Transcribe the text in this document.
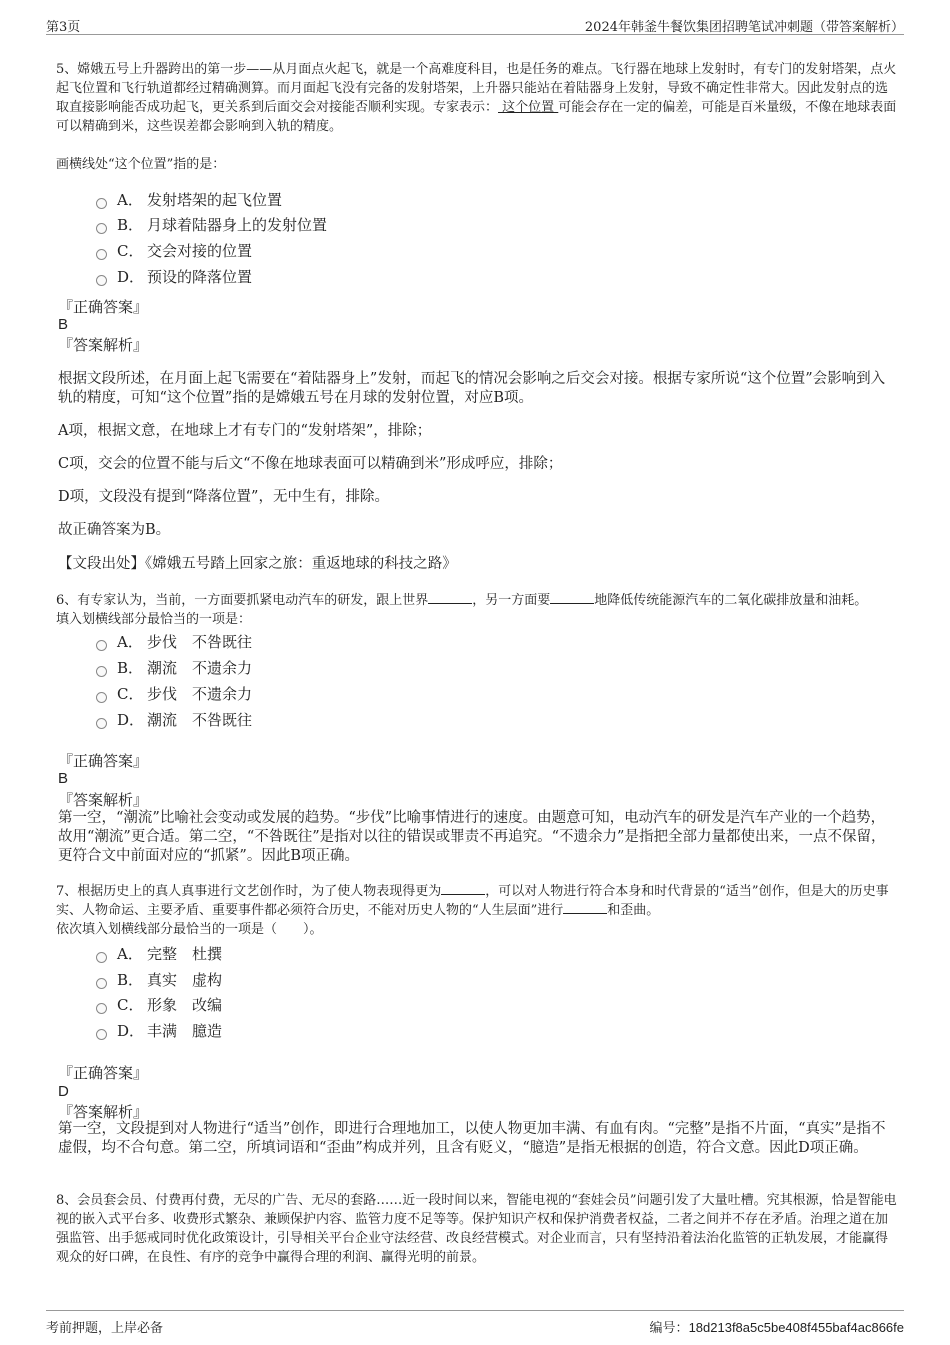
第3页	2024年韩釜牛餐饮集团招聘笔试冲刺题（带答案解析）

5、嫦娥五号上升器跨出的第一步——从月面点火起飞，就是一个高难度科目，也是任务的难点。飞行器在地球上发射时，有专门的发射塔架，点火起飞位置和飞行轨道都经过精确测算。而月面起飞没有完备的发射塔架，上升器只能站在着陆器身上发射，导致不确定性非常大。因此发射点的选取直接影响能否成功起飞，更关系到后面交会对接能否顺利实现。专家表示： 这个位置 可能会存在一定的偏差，可能是百米量级，不像在地球表面可以精确到米，这些误差都会影响到入轨的精度。

画横线处“这个位置”指的是：
A． 发射塔架的起飞位置
B． 月球着陆器身上的发射位置
C． 交会对接的位置
D． 预设的降落位置
『正确答案』
B
『答案解析』

根据文段所述，在月面上起飞需要在“着陆器身上”发射，而起飞的情况会影响之后交会对接。根据专家所说“这个位置”会影响到入轨的精度，可知“这个位置”指的是嫦娥五号在月球的发射位置，对应B项。

A项，根据文意，在地球上才有专门的“发射塔架”，排除；

C项，交会的位置不能与后文“不像在地球表面可以精确到米”形成呼应，排除；

D项，文段没有提到“降落位置”，无中生有，排除。

故正确答案为B。

【文段出处】《嫦娥五号踏上回家之旅：重返地球的科技之路》

6、有专家认为，当前，一方面要抓紧电动汽车的研发，跟上世界	，另一方面要	地降低传统能源汽车的二氧化碳排放量和油耗。

填入划横线部分最恰当的一项是：

A． 步伐　不咎既往
B． 潮流　不遗余力
C． 步伐　不遗余力
D． 潮流　不咎既往
『正确答案』
B
『答案解析』

第一空，“潮流”比喻社会变动或发展的趋势。“步伐”比喻事情进行的速度。由题意可知，电动汽车的研发是汽车产业的一个趋势，故用“潮流”更合适。第二空，“不咎既往”是指对以往的错误或罪责不再追究。“不遗余力”是指把全部力量都使出来，一点不保留，更符合文中前面对应的“抓紧”。因此B项正确。

7、根据历史上的真人真事进行文艺创作时，为了使人物表现得更为	，可以对人物进行符合本身和时代背景的“适当”创作，但是大的历史事实、人物命运、主要矛盾、重要事件都必须符合历史，不能对历史人物的“人生层面”进行	和歪曲。

依次填入划横线部分最恰当的一项是（　　）。

A． 完整　杜撰
B． 真实　虚构
C． 形象　改编
D． 丰满　臆造
『正确答案』
D
『答案解析』

第一空，文段提到对人物进行“适当”创作，即进行合理地加工，以使人物更加丰满、有血有肉。“完整”是指不片面，“真实”是指不虚假，均不合句意。第二空，所填词语和“歪曲”构成并列，且含有贬义，“臆造”是指无根据的创造，符合文意。因此D项正确。

8、会员套会员、付费再付费，无尽的广告、无尽的套路……近一段时间以来，智能电视的“套娃会员”问题引发了大量吐槽。究其根源，恰是智能电视的嵌入式平台多、收费形式繁杂、兼顾保护内容、监管力度不足等等。保护知识产权和保护消费者权益，二者之间并不存在矛盾。治理之道在加强监管、出手惩戒同时优化政策设计，引导相关平台企业守法经营、改良经营模式。对企业而言，只有坚持沿着法治化监管的正轨发展，才能赢得观众的好口碑，在良性、有序的竞争中赢得合理的利润、赢得光明的前景。

考前押题，上岸必备	编号：18d213f8a5c5be408f455baf4ac866fe
